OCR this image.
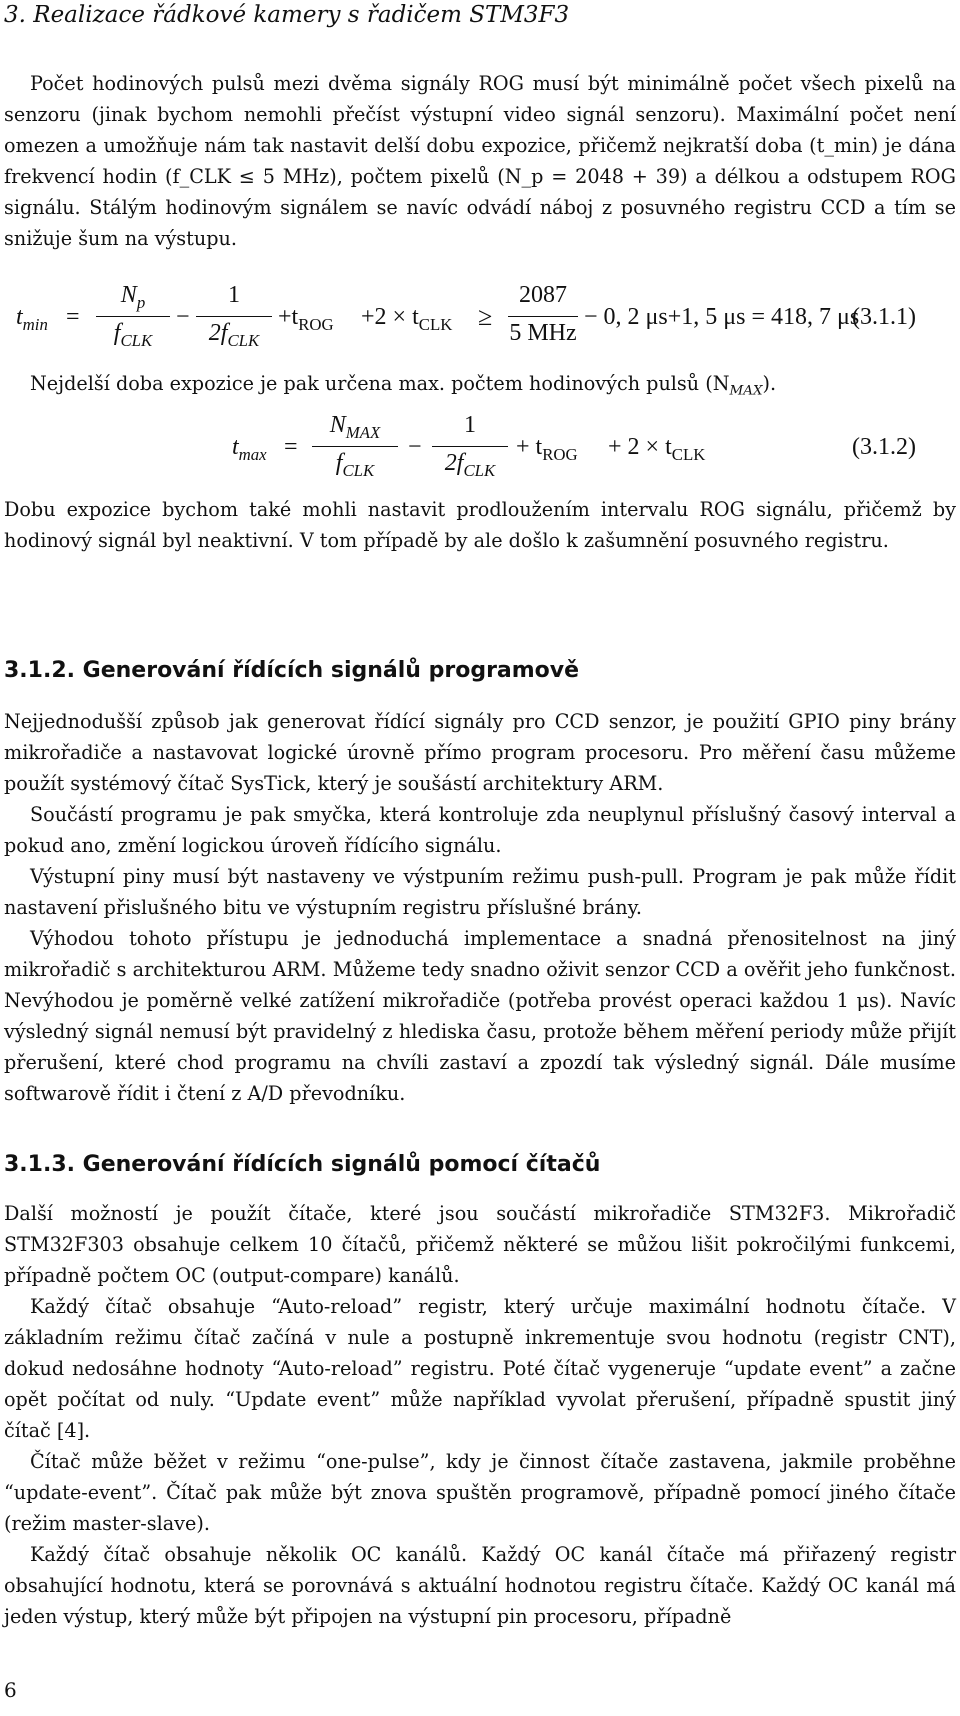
3. Realizace řádkové kamery s řadičem STM3F3

Počet hodinových pulsů mezi dvěma signály ROG musí být minimálně počet všech pixelů na senzoru (jinak bychom nemohli přečíst výstupní video signál senzoru). Maximální počet není omezen a umožňuje nám tak nastavit delší dobu expozice, přičemž nejkratší doba (t_min) je dána frekvencí hodin (f_CLK ≤ 5 MHz), počtem pixelů (N_p = 2048 + 39) a délkou a odstupem ROG signálu. Stálým hodinovým signálem se navíc odvádí náboj z posuvného registru CCD a tím se snižuje šum na výstupu.

$t_{min}$ =
$N_p$
$f_{CLK}$
−
1
$2f_{CLK}$
$+t_{ROG} +2 \times t_{CLK}$ ≥
2087
5 MHz
− 0, 2 μs+1, 5 μs = 418, 7 μs
(3.1.1)

Nejdelší doba expozice je pak určena max. počtem hodinových pulsů $(N_{MAX})$.

$t_{max}$ =
$N_{MAX}$
$f_{CLK}$
−
1
$2f_{CLK}$
+ $t_{ROG} + 2 \times t_{CLK}$	(3.1.2)

Dobu expozice bychom také mohli nastavit prodloužením intervalu ROG signálu, přičemž by hodinový signál byl neaktivní. V tom případě by ale došlo k zašumnění posuvného registru.

3.1.2. Generování řídících signálů programově

Nejjednodušší způsob jak generovat řídící signály pro CCD senzor, je použití GPIO piny brány mikrořadiče a nastavovat logické úrovně přímo program procesoru. Pro měření času můžeme použít systémový čítač SysTick, který je soušástí architektury ARM.

Součástí programu je pak smyčka, která kontroluje zda neuplynul příslušný časový interval a pokud ano, změní logickou úroveň řídícího signálu.

Výstupní piny musí být nastaveny ve výstpuním režimu push-pull. Program je pak může řídit nastavení přislušného bitu ve výstupním registru příslušné brány.

Výhodou tohoto přístupu je jednoduchá implementace a snadná přenositelnost na jiný mikrořadič s architekturou ARM. Můžeme tedy snadno oživit senzor CCD a ověřit jeho funkčnost. Nevýhodou je poměrně velké zatížení mikrořadiče (potřeba provést operaci každou 1 μs). Navíc výsledný signál nemusí být pravidelný z hlediska času, protože během měření periody může přijít přerušení, které chod programu na chvíli zastaví a zpozdí tak výsledný signál. Dále musíme softwarově řídit i čtení z A/D převodníku.

3.1.3. Generování řídících signálů pomocí čítačů

Další možností je použít čítače, které jsou součástí mikrořadiče STM32F3. Mikrořadič STM32F303 obsahuje celkem 10 čítačů, přičemž některé se můžou lišit pokročilými funkcemi, případně počtem OC (output-compare) kanálů.

Každý čítač obsahuje “Auto-reload” registr, který určuje maximální hodnotu čítače. V základním režimu čítač začíná v nule a postupně inkrementuje svou hodnotu (registr CNT), dokud nedosáhne hodnoty “Auto-reload” registru. Poté čítač vygeneruje “update event” a začne opět počítat od nuly. “Update event” může například vyvolat přerušení, případně spustit jiný čítač [4].

Čítač může běžet v režimu “one-pulse”, kdy je činnost čítače zastavena, jakmile proběhne “update-event”. Čítač pak může být znova spuštěn programově, případně pomocí jiného čítače (režim master-slave).

Každý čítač obsahuje několik OC kanálů. Každý OC kanál čítače má přiřazený registr obsahující hodnotu, která se porovnává s aktuální hodnotou registru čítače. Každý OC kanál má jeden výstup, který může být připojen na výstupní pin procesoru, případně

6
